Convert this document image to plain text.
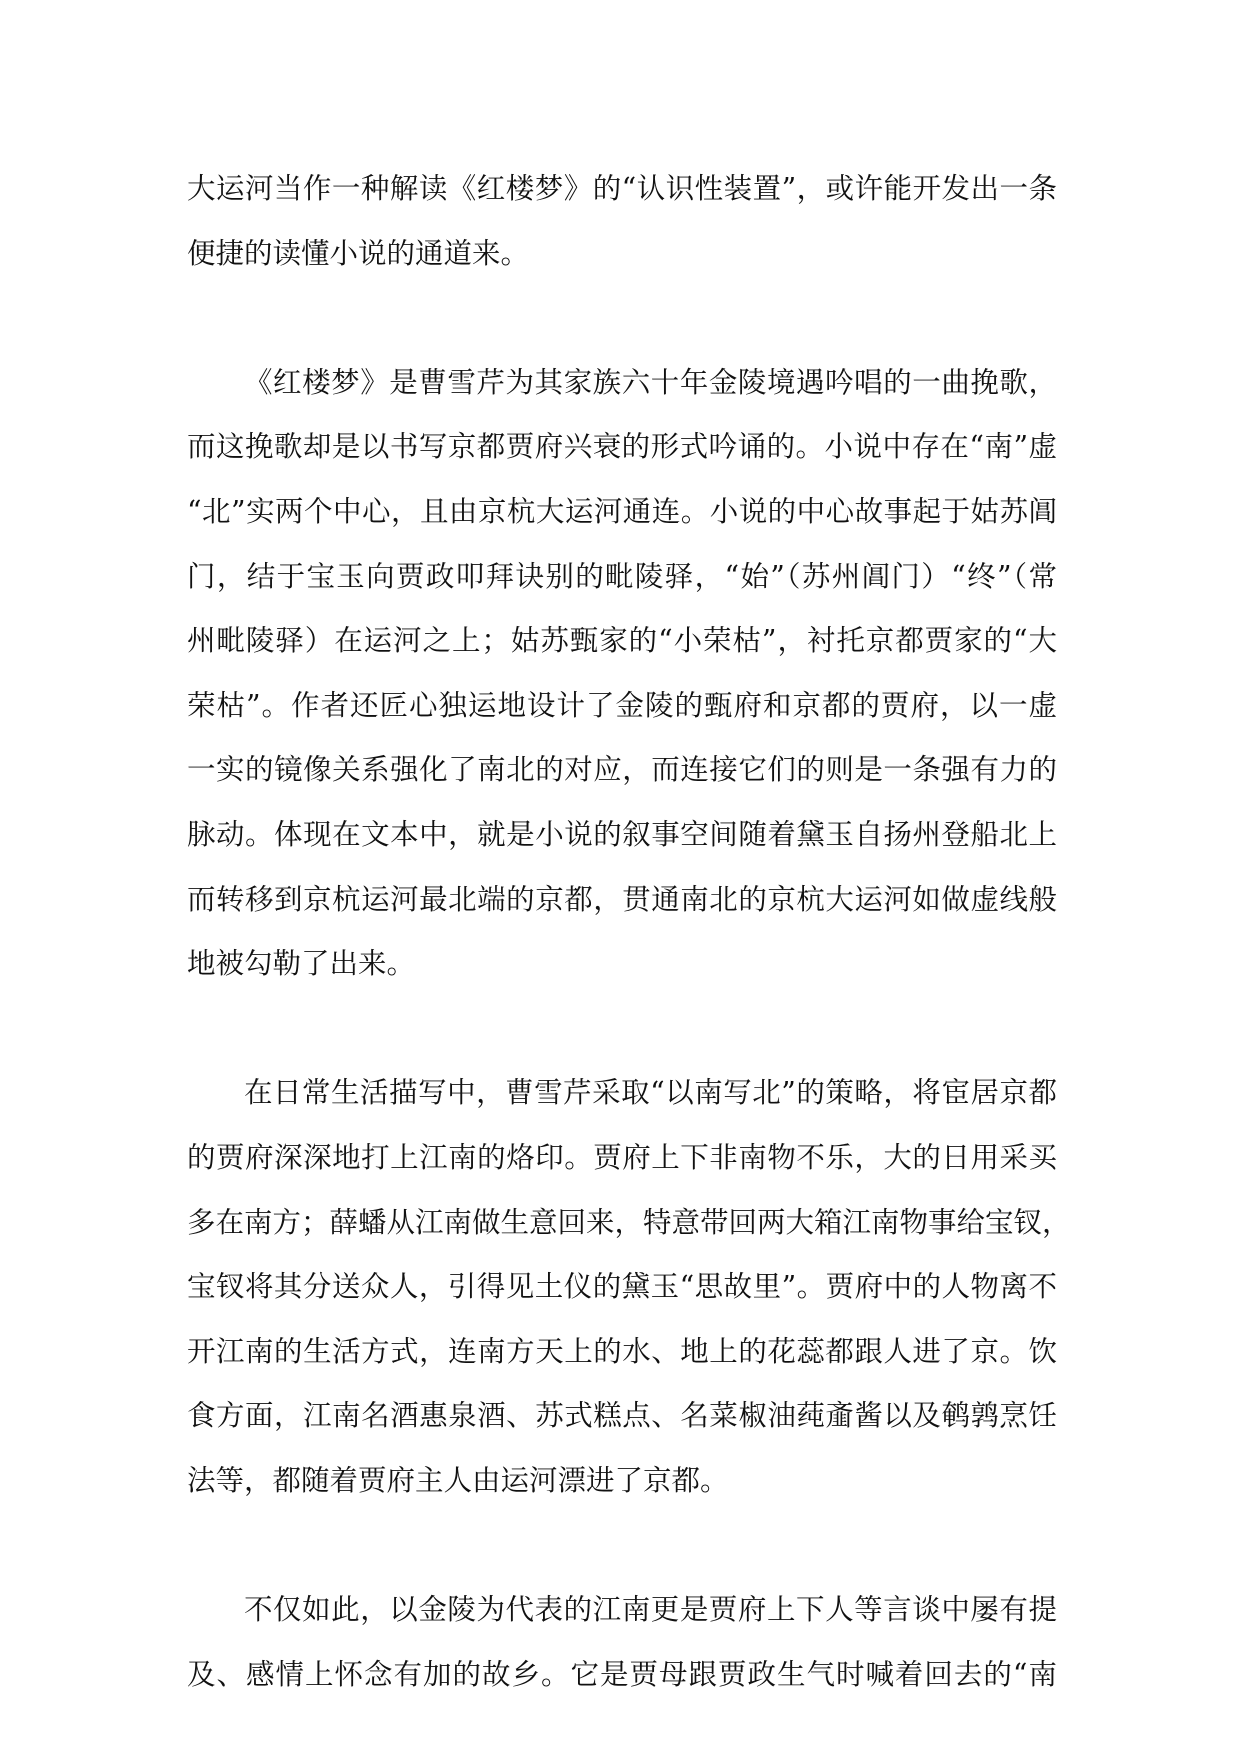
大运河当作一种解读《红楼梦》的“认识性装置”，或许能开发出一条
便捷的读懂小说的通道来。
《红楼梦》是曹雪芹为其家族六十年金陵境遇吟唱的一曲挽歌，
而这挽歌却是以书写京都贾府兴衰的形式吟诵的。小说中存在“南”虚
“北”实两个中心，且由京杭大运河通连。小说的中心故事起于姑苏阊
门，结于宝玉向贾政叩拜诀别的毗陵驿，“始”（苏州阊门）“终”（常
州毗陵驿）在运河之上；姑苏甄家的“小荣枯”，衬托京都贾家的“大
荣枯”。作者还匠心独运地设计了金陵的甄府和京都的贾府，以一虚
一实的镜像关系强化了南北的对应，而连接它们的则是一条强有力的
脉动。体现在文本中，就是小说的叙事空间随着黛玉自扬州登船北上
而转移到京杭运河最北端的京都，贯通南北的京杭大运河如做虚线般
地被勾勒了出来。
在日常生活描写中，曹雪芹采取“以南写北”的策略，将宦居京都
的贾府深深地打上江南的烙印。贾府上下非南物不乐，大的日用采买
多在南方；薛蟠从江南做生意回来，特意带回两大箱江南物事给宝钗，
宝钗将其分送众人，引得见土仪的黛玉“思故里”。贾府中的人物离不
开江南的生活方式，连南方天上的水、地上的花蕊都跟人进了京。饮
食方面，江南名酒惠泉酒、苏式糕点、名菜椒油莼齑酱以及鹌鹑烹饪
法等，都随着贾府主人由运河漂进了京都。
不仅如此，以金陵为代表的江南更是贾府上下人等言谈中屡有提
及、感情上怀念有加的故乡。它是贾母跟贾政生气时喊着回去的“南
